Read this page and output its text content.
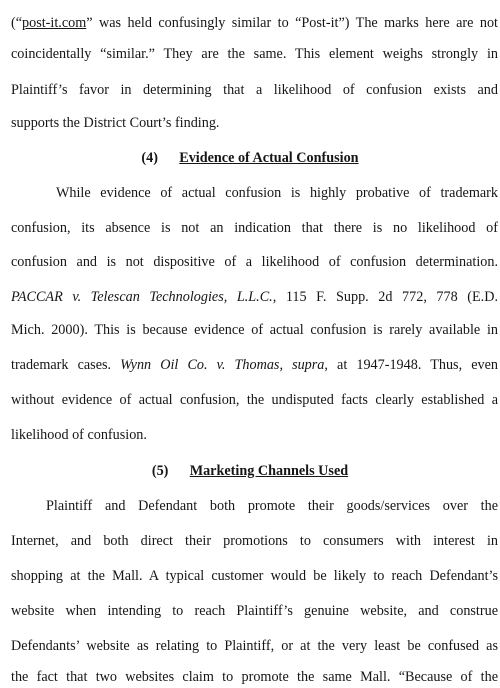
(“post-it.com” was held confusingly similar to “Post-it”) The marks here are not
coincidentally “similar.” They are the same. This element weighs strongly in
Plaintiff’s favor in determining that a likelihood of confusion exists and
supports the District Court’s finding.
(4) Evidence of Actual Confusion
While evidence of actual confusion is highly probative of trademark
confusion, its absence is not an indication that there is no likelihood of
confusion and is not dispositive of a likelihood of confusion determination.
PACCAR v. Telescan Technologies, L.L.C., 115 F. Supp. 2d 772, 778 (E.D.
Mich. 2000). This is because evidence of actual confusion is rarely available in
trademark cases. Wynn Oil Co. v. Thomas, supra, at 1947-1948. Thus, even
without evidence of actual confusion, the undisputed facts clearly established a
likelihood of confusion.
(5) Marketing Channels Used
Plaintiff and Defendant both promote their goods/services over the
Internet, and both direct their promotions to consumers with interest in
shopping at the Mall. A typical customer would be likely to reach Defendant’s
website when intending to reach Plaintiff’s genuine website, and construe
Defendants’ website as relating to Plaintiff, or at the very least be confused as
the fact that two websites claim to promote the same Mall. “Because of the
